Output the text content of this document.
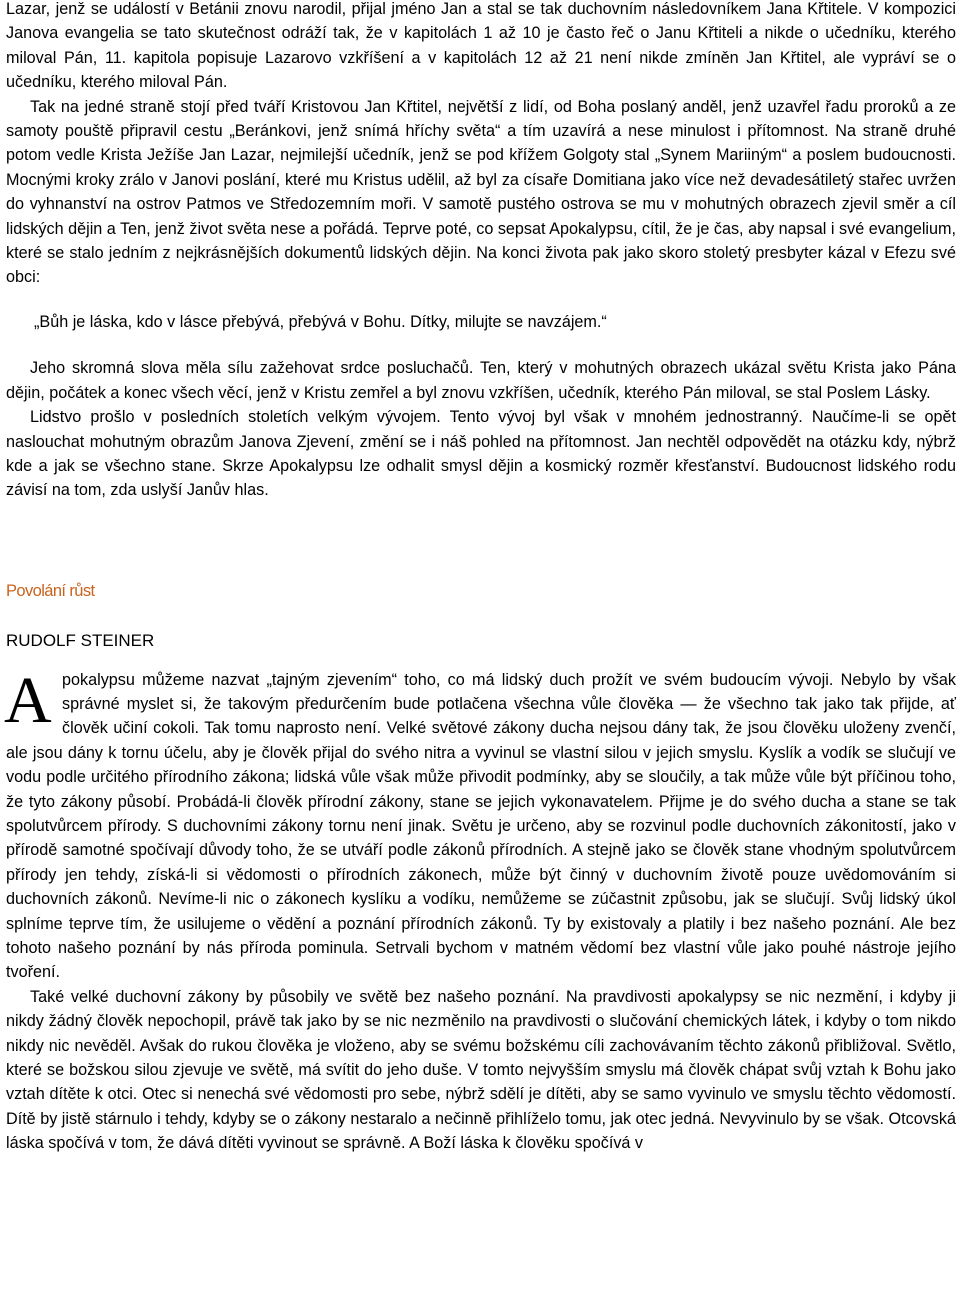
Lazar, jenž se událostí v Betánii znovu narodil, přijal jméno Jan a stal se tak duchovním následovníkem Jana Křtitele. V kompozici Janova evangelia se tato skutečnost odráží tak, že v kapitolách 1 až 10 je často řeč o Janu Křtiteli a nikde o učedníku, kterého miloval Pán, 11. kapitola popisuje Lazarovo vzkříšení a v kapitolách 12 až 21 není nikde zmíněn Jan Křtitel, ale vypráví se o učedníku, kterého miloval Pán.

Tak na jedné straně stojí před tváří Kristovou Jan Křtitel, největší z lidí, od Boha poslaný anděl, jenž uzavřel řadu proroků a ze samoty pouště připravil cestu „Beránkovi, jenž snímá hříchy světa“ a tím uzavírá a nese minulost i přítomnost. Na straně druhé potom vedle Krista Ježíše Jan Lazar, nejmilejší učedník, jenž se pod křížem Golgoty stal „Synem Mariiným“ a poslem budoucnosti. Mocnými kroky zrálo v Janovi poslání, které mu Kristus udělil, až byl za císaře Domitiana jako více než devadesátiletý stařec uvržen do vyhnanství na ostrov Patmos ve Středozemním moři. V samotě pustého ostrova se mu v mohutných obrazech zjevil směr a cíl lidských dějin a Ten, jenž život světa nese a pořádá. Teprve poté, co sepsat Apokalypsu, cítil, že je čas, aby napsal i své evangelium, které se stalo jedním z nejkrásnějších dokumentů lidských dějin. Na konci života pak jako skoro stoletý presbyter kázal v Efezu své obci:

„Bůh je láska, kdo v lásce přebývá, přebývá v Bohu. Dítky, milujte se navzájem.“

Jeho skromná slova měla sílu zažehovat srdce posluchačů. Ten, který v mohutných obrazech ukázal světu Krista jako Pána dějin, počátek a konec všech věcí, jenž v Kristu zemřel a byl znovu vzkříšen, učedník, kterého Pán miloval, se stal Poslem Lásky.

Lidstvo prošlo v posledních stoletích velkým vývojem. Tento vývoj byl však v mnohém jednostranný. Naučíme-li se opět naslouchat mohutným obrazům Janova Zjevení, změní se i náš pohled na přítomnost. Jan nechtěl odpovědět na otázku kdy, nýbrž kde a jak se všechno stane. Skrze Apokalypsu lze odhalit smysl dějin a kosmický rozměr křesťanství. Budoucnost lidského rodu závisí na tom, zda uslyší Janův hlas.

Povolání růst
RUDOLF STEINER
A pokalypsu můžeme nazvat „tajným zjevením“ toho, co má lidský duch prožít ve svém budoucím vývoji. Nebylo by však správné myslet si, že takovým předurčením bude potlačena všechna vůle člověka — že všechno tak jako tak přijde, ať člověk učiní cokoli. Tak tomu naprosto není. Velké světové zákony ducha nejsou dány tak, že jsou člověku uloženy zvenčí, ale jsou dány k tornu účelu, aby je člověk přijal do svého nitra a vyvinul se vlastní silou v jejich smyslu. Kyslík a vodík se slučují ve vodu podle určitého přírodního zákona; lidská vůle však může přivodit podmínky, aby se sloučily, a tak může vůle být příčinou toho, že tyto zákony působí. Probádá-li člověk přírodní zákony, stane se jejich vykonavatelem. Přijme je do svého ducha a stane se tak spolutvůrcem přírody. S duchovními zákony tornu není jinak. Světu je určeno, aby se rozvinul podle duchovních zákonitostí, jako v přírodě samotné spočívají důvody toho, že se utváří podle zákonů přírodních. A stejně jako se člověk stane vhodným spolutvůrcem přírody jen tehdy, získá-li si vědomosti o přírodních zákonech, může být činný v duchovním životě pouze uvědomováním si duchovních zákonů. Nevíme-li nic o zákonech kyslíku a vodíku, nemůžeme se zúčastnit způsobu, jak se slučují. Svůj lidský úkol splníme teprve tím, že usilujeme o vědění a poznání přírodních zákonů. Ty by existovaly a platily i bez našeho poznání. Ale bez tohoto našeho poznání by nás příroda pominula. Setrvali bychom v matném vědomí bez vlastní vůle jako pouhé nástroje jejího tvoření.

Také velké duchovní zákony by působily ve světě bez našeho poznání. Na pravdivosti apokalypsy se nic nezmění, i kdyby ji nikdy žádný člověk nepochopil, právě tak jako by se nic nezměnilo na pravdivosti o slučování chemických látek, i kdyby o tom nikdo nikdy nic nevěděl. Avšak do rukou člověka je vloženo, aby se svému božskému cíli zachovávaním těchto zákonů přibližoval. Světlo, které se božskou silou zjevuje ve světě, má svítit do jeho duše. V tomto nejvyšším smyslu má člověk chápat svůj vztah k Bohu jako vztah dítěte k otci. Otec si nenechá své vědomosti pro sebe, nýbrž sdělí je dítěti, aby se samo vyvinulo ve smyslu těchto vědomostí. Dítě by jistě stárnulo i tehdy, kdyby se o zákony nestaralo a nečinně přihlíželo tomu, jak otec jedná. Nevyvinulo by se však. Otcovská láska spočívá v tom, že dává dítěti vyvinout se správně. A Boží láska k člověku spočívá v
